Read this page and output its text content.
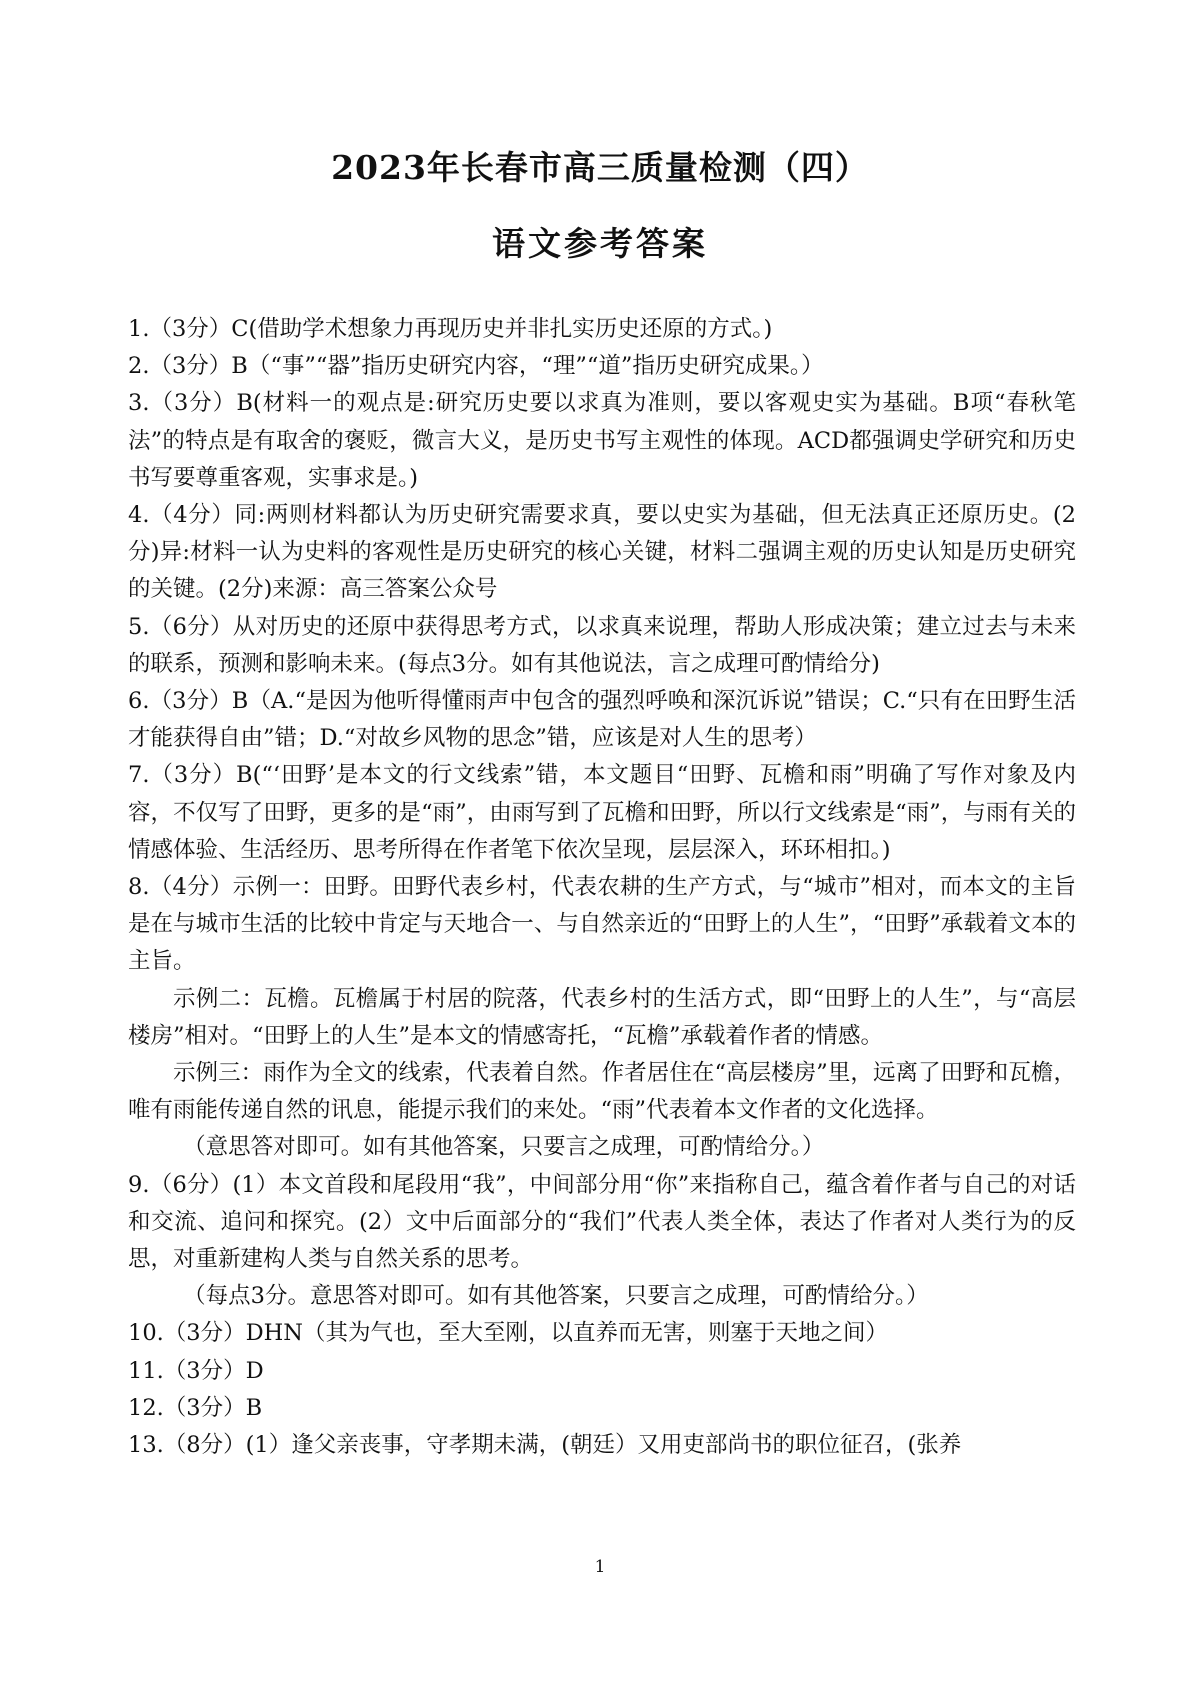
2023年长春市高三质量检测（四）
语文参考答案

1.（3分）C(借助学术想象力再现历史并非扎实历史还原的方式。)

2.（3分）B（“事”“器”指历史研究内容，“理”“道”指历史研究成果。）

3.（3分）B(材料一的观点是:研究历史要以求真为准则，要以客观史实为基础。B项“春秋笔法”的特点是有取舍的褒贬，微言大义，是历史书写主观性的体现。ACD都强调史学研究和历史书写要尊重客观，实事求是。)

4.（4分）同:两则材料都认为历史研究需要求真，要以史实为基础，但无法真正还原历史。(2分)异:材料一认为史料的客观性是历史研究的核心关键，材料二强调主观的历史认知是历史研究的关键。(2分)来源：高三答案公众号

5.（6分）从对历史的还原中获得思考方式，以求真来说理，帮助人形成决策；建立过去与未来的联系，预测和影响未来。(每点3分。如有其他说法，言之成理可酌情给分)

6.（3分）B（A.“是因为他听得懂雨声中包含的强烈呼唤和深沉诉说”错误；C.“只有在田野生活才能获得自由”错；D.“对故乡风物的思念”错，应该是对人生的思考）

7.（3分）B(“‘田野’是本文的行文线索”错，本文题目“田野、瓦檐和雨”明确了写作对象及内容，不仅写了田野，更多的是“雨”，由雨写到了瓦檐和田野，所以行文线索是“雨”，与雨有关的情感体验、生活经历、思考所得在作者笔下依次呈现，层层深入，环环相扣。)

8.（4分）示例一：田野。田野代表乡村，代表农耕的生产方式，与“城市”相对，而本文的主旨是在与城市生活的比较中肯定与天地合一、与自然亲近的“田野上的人生”，“田野”承载着文本的主旨。

示例二：瓦檐。瓦檐属于村居的院落，代表乡村的生活方式，即“田野上的人生”，与“高层楼房”相对。“田野上的人生”是本文的情感寄托，“瓦檐”承载着作者的情感。

示例三：雨作为全文的线索，代表着自然。作者居住在“高层楼房”里，远离了田野和瓦檐，唯有雨能传递自然的讯息，能提示我们的来处。“雨”代表着本文作者的文化选择。

（意思答对即可。如有其他答案，只要言之成理，可酌情给分。）

9.（6分）(1）本文首段和尾段用“我”，中间部分用“你”来指称自己，蕴含着作者与自己的对话和交流、追问和探究。(2）文中后面部分的“我们”代表人类全体，表达了作者对人类行为的反思，对重新建构人类与自然关系的思考。

（每点3分。意思答对即可。如有其他答案，只要言之成理，可酌情给分。）

10.（3分）DHN（其为气也，至大至刚，以直养而无害，则塞于天地之间）

11.（3分）D

12.（3分）B

13.（8分）(1）逢父亲丧事，守孝期未满，(朝廷）又用吏部尚书的职位征召，(张养

1
